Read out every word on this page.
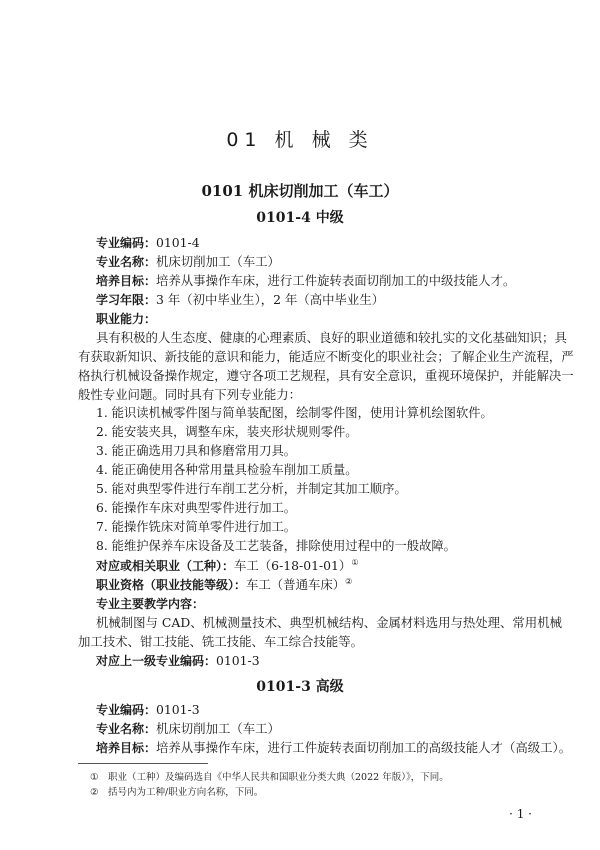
01 机 械 类
0101 机床切削加工（车工）
0101-4 中级
专业编码：0101-4
专业名称：机床切削加工（车工）
培养目标：培养从事操作车床，进行工件旋转表面切削加工的中级技能人才。
学习年限：3 年（初中毕业生），2 年（高中毕业生）
职业能力：
具有积极的人生态度、健康的心理素质、良好的职业道德和较扎实的文化基础知识；具
有获取新知识、新技能的意识和能力，能适应不断变化的职业社会；了解企业生产流程，严
格执行机械设备操作规定，遵守各项工艺规程，具有安全意识，重视环境保护，并能解决一
般性专业问题。同时具有下列专业能力：
1. 能识读机械零件图与简单装配图，绘制零件图，使用计算机绘图软件。
2. 能安装夹具，调整车床，装夹形状规则零件。
3. 能正确选用刀具和修磨常用刀具。
4. 能正确使用各种常用量具检验车削加工质量。
5. 能对典型零件进行车削工艺分析，并制定其加工顺序。
6. 能操作车床对典型零件进行加工。
7. 能操作铣床对简单零件进行加工。
8. 能维护保养车床设备及工艺装备，排除使用过程中的一般故障。
对应或相关职业（工种）：车工（6-18-01-01）①
职业资格（职业技能等级）：车工（普通车床）②
专业主要教学内容：
机械制图与 CAD、机械测量技术、典型机械结构、金属材料选用与热处理、常用机械
加工技术、钳工技能、铣工技能、车工综合技能等。
对应上一级专业编码：0101-3
0101-3 高级
专业编码：0101-3
专业名称：机床切削加工（车工）
培养目标：培养从事操作车床，进行工件旋转表面切削加工的高级技能人才（高级工）。
① 职业（工种）及编码选自《中华人民共和国职业分类大典（2022 年版）》，下同。
② 括号内为工种/职业方向名称，下同。
· 1 ·
